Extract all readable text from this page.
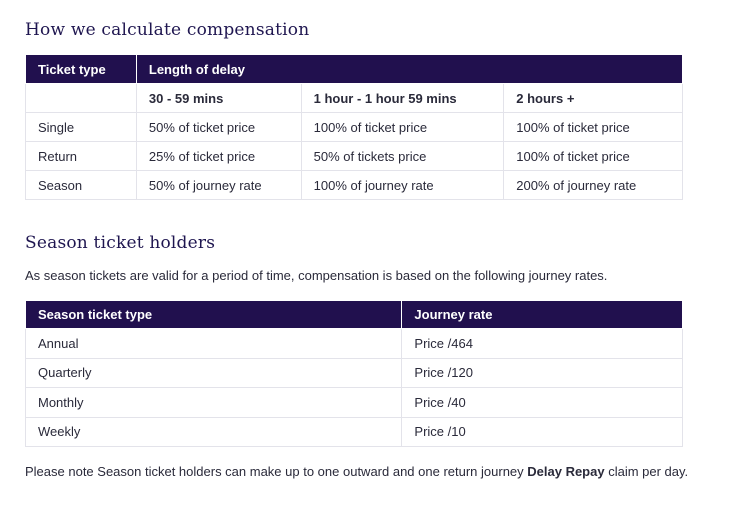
How we calculate compensation
Ticket type	Length of delay		
	30 - 59 mins	1 hour - 1 hour 59 mins	2 hours +
Single	50% of ticket price	100% of ticket price	100% of ticket price
Return	25% of ticket price	50% of tickets price	100% of ticket price
Season	50% of journey rate	100% of journey rate	200% of journey rate
Season ticket holders

As season tickets are valid for a period of time, compensation is based on the following journey rates.

Season ticket type	Journey rate
Annual	Price /464
Quarterly	Price /120
Monthly	Price /40
Weekly	Price /10

Please note Season ticket holders can make up to one outward and one return journey Delay Repay claim per day.
